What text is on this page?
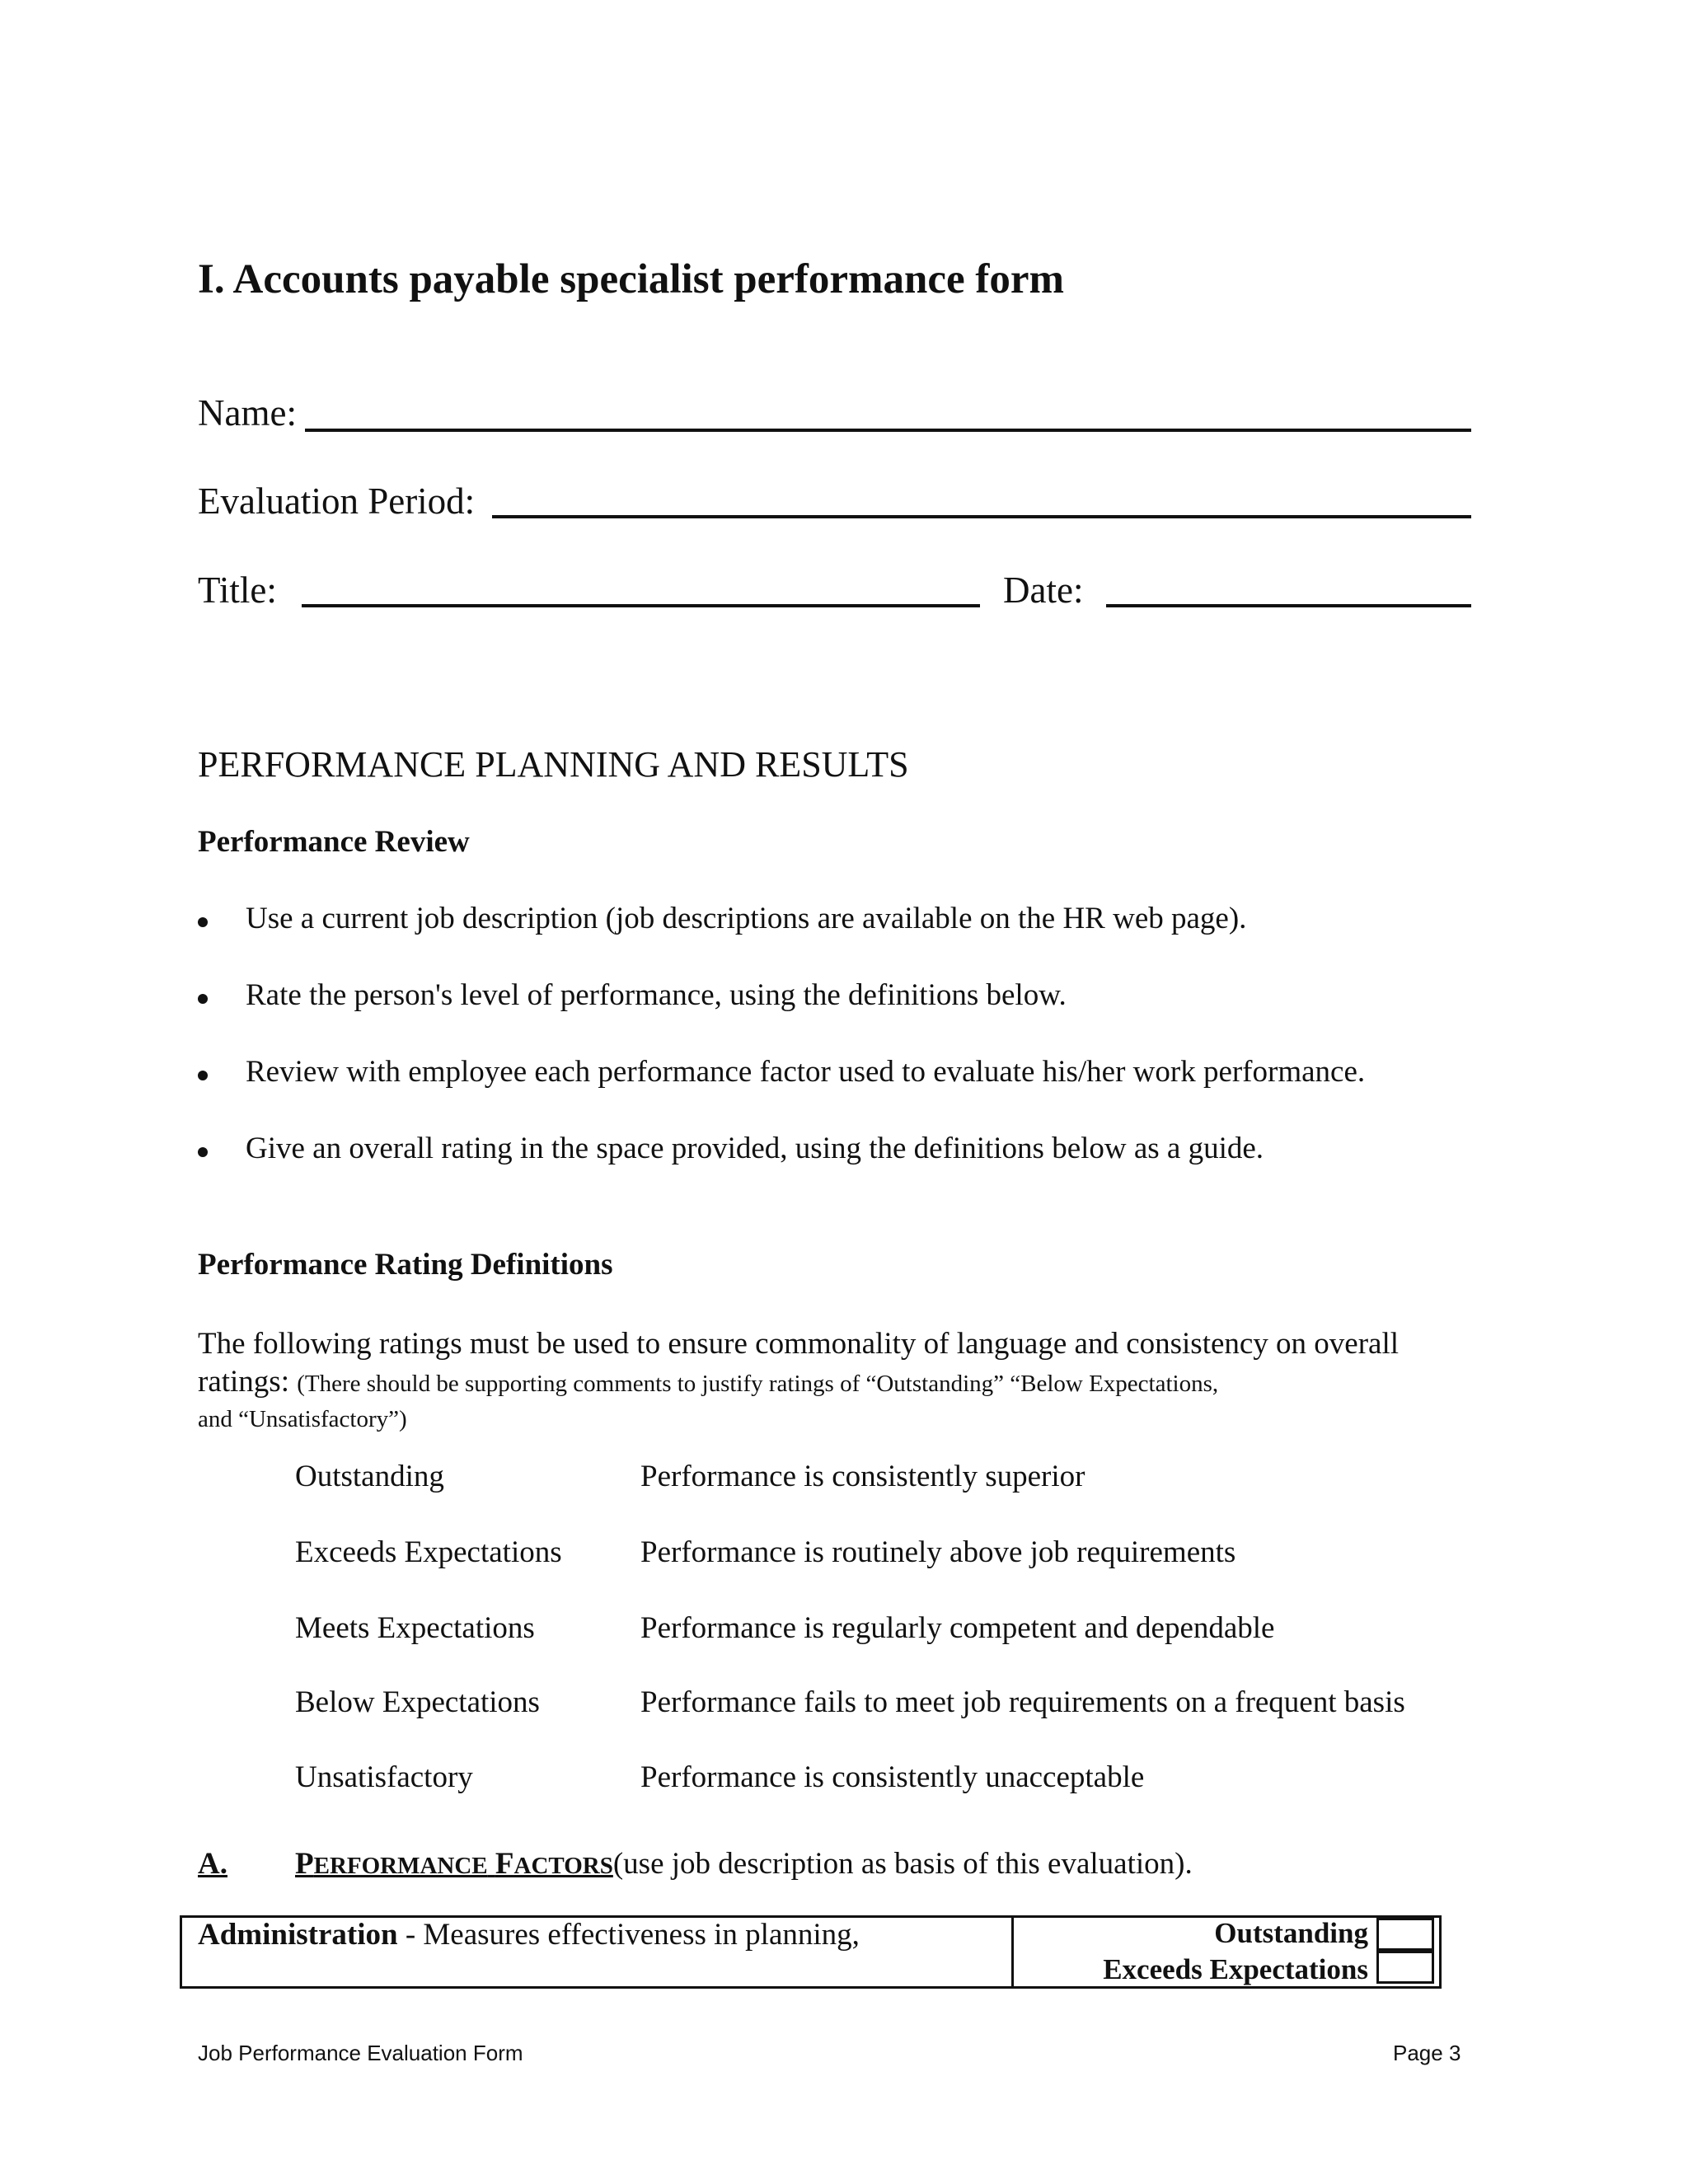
I. Accounts payable specialist performance form
Name:
Evaluation Period:
Title:	Date:
PERFORMANCE PLANNING AND RESULTS
Performance Review
Use a current job description (job descriptions are available on the HR web page).
Rate the person's level of performance, using the definitions below.
Review with employee each performance factor used to evaluate his/her work performance.
Give an overall rating in the space provided, using the definitions below as a guide.
Performance Rating Definitions
The following ratings must be used to ensure commonality of language and consistency on overall ratings: (There should be supporting comments to justify ratings of “Outstanding” “Below Expectations,
and “Unsatisfactory”)
Outstanding	Performance is consistently superior
Exceeds Expectations	Performance is routinely above job requirements
Meets Expectations	Performance is regularly competent and dependable
Below Expectations	Performance fails to meet job requirements on a frequent basis
Unsatisfactory	Performance is consistently unacceptable
A. PERFORMANCE FACTORS(use job description as basis of this evaluation).
Administration - Measures effectiveness in planning,	Outstanding
Exceeds Expectations
Job Performance Evaluation Form	Page 3
